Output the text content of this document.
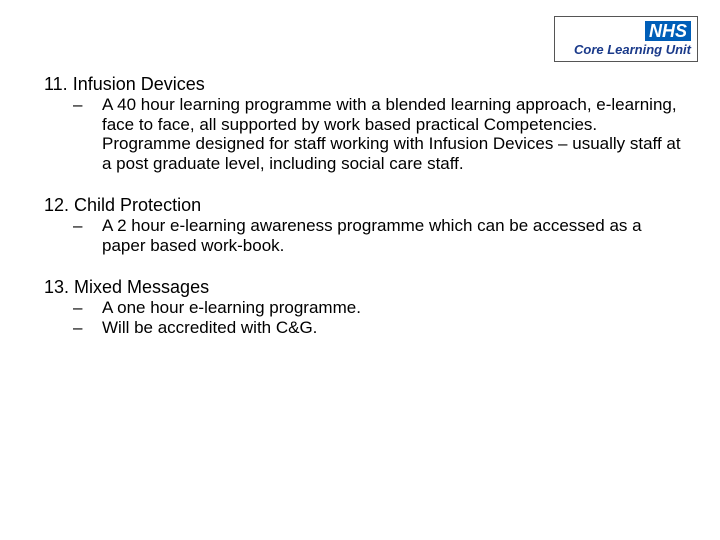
NHS
Core Learning Unit
11. Infusion Devices
– A 40 hour learning programme with a blended learning approach, e-learning, face to face, all supported by work based practical Competencies. Programme designed for staff working with Infusion Devices – usually staff at a post graduate level, including social care staff.
12. Child Protection
– A 2 hour e-learning awareness programme which can be accessed as a paper based work-book.
13. Mixed Messages
– A one hour e-learning programme.
– Will be accredited with C&G.
